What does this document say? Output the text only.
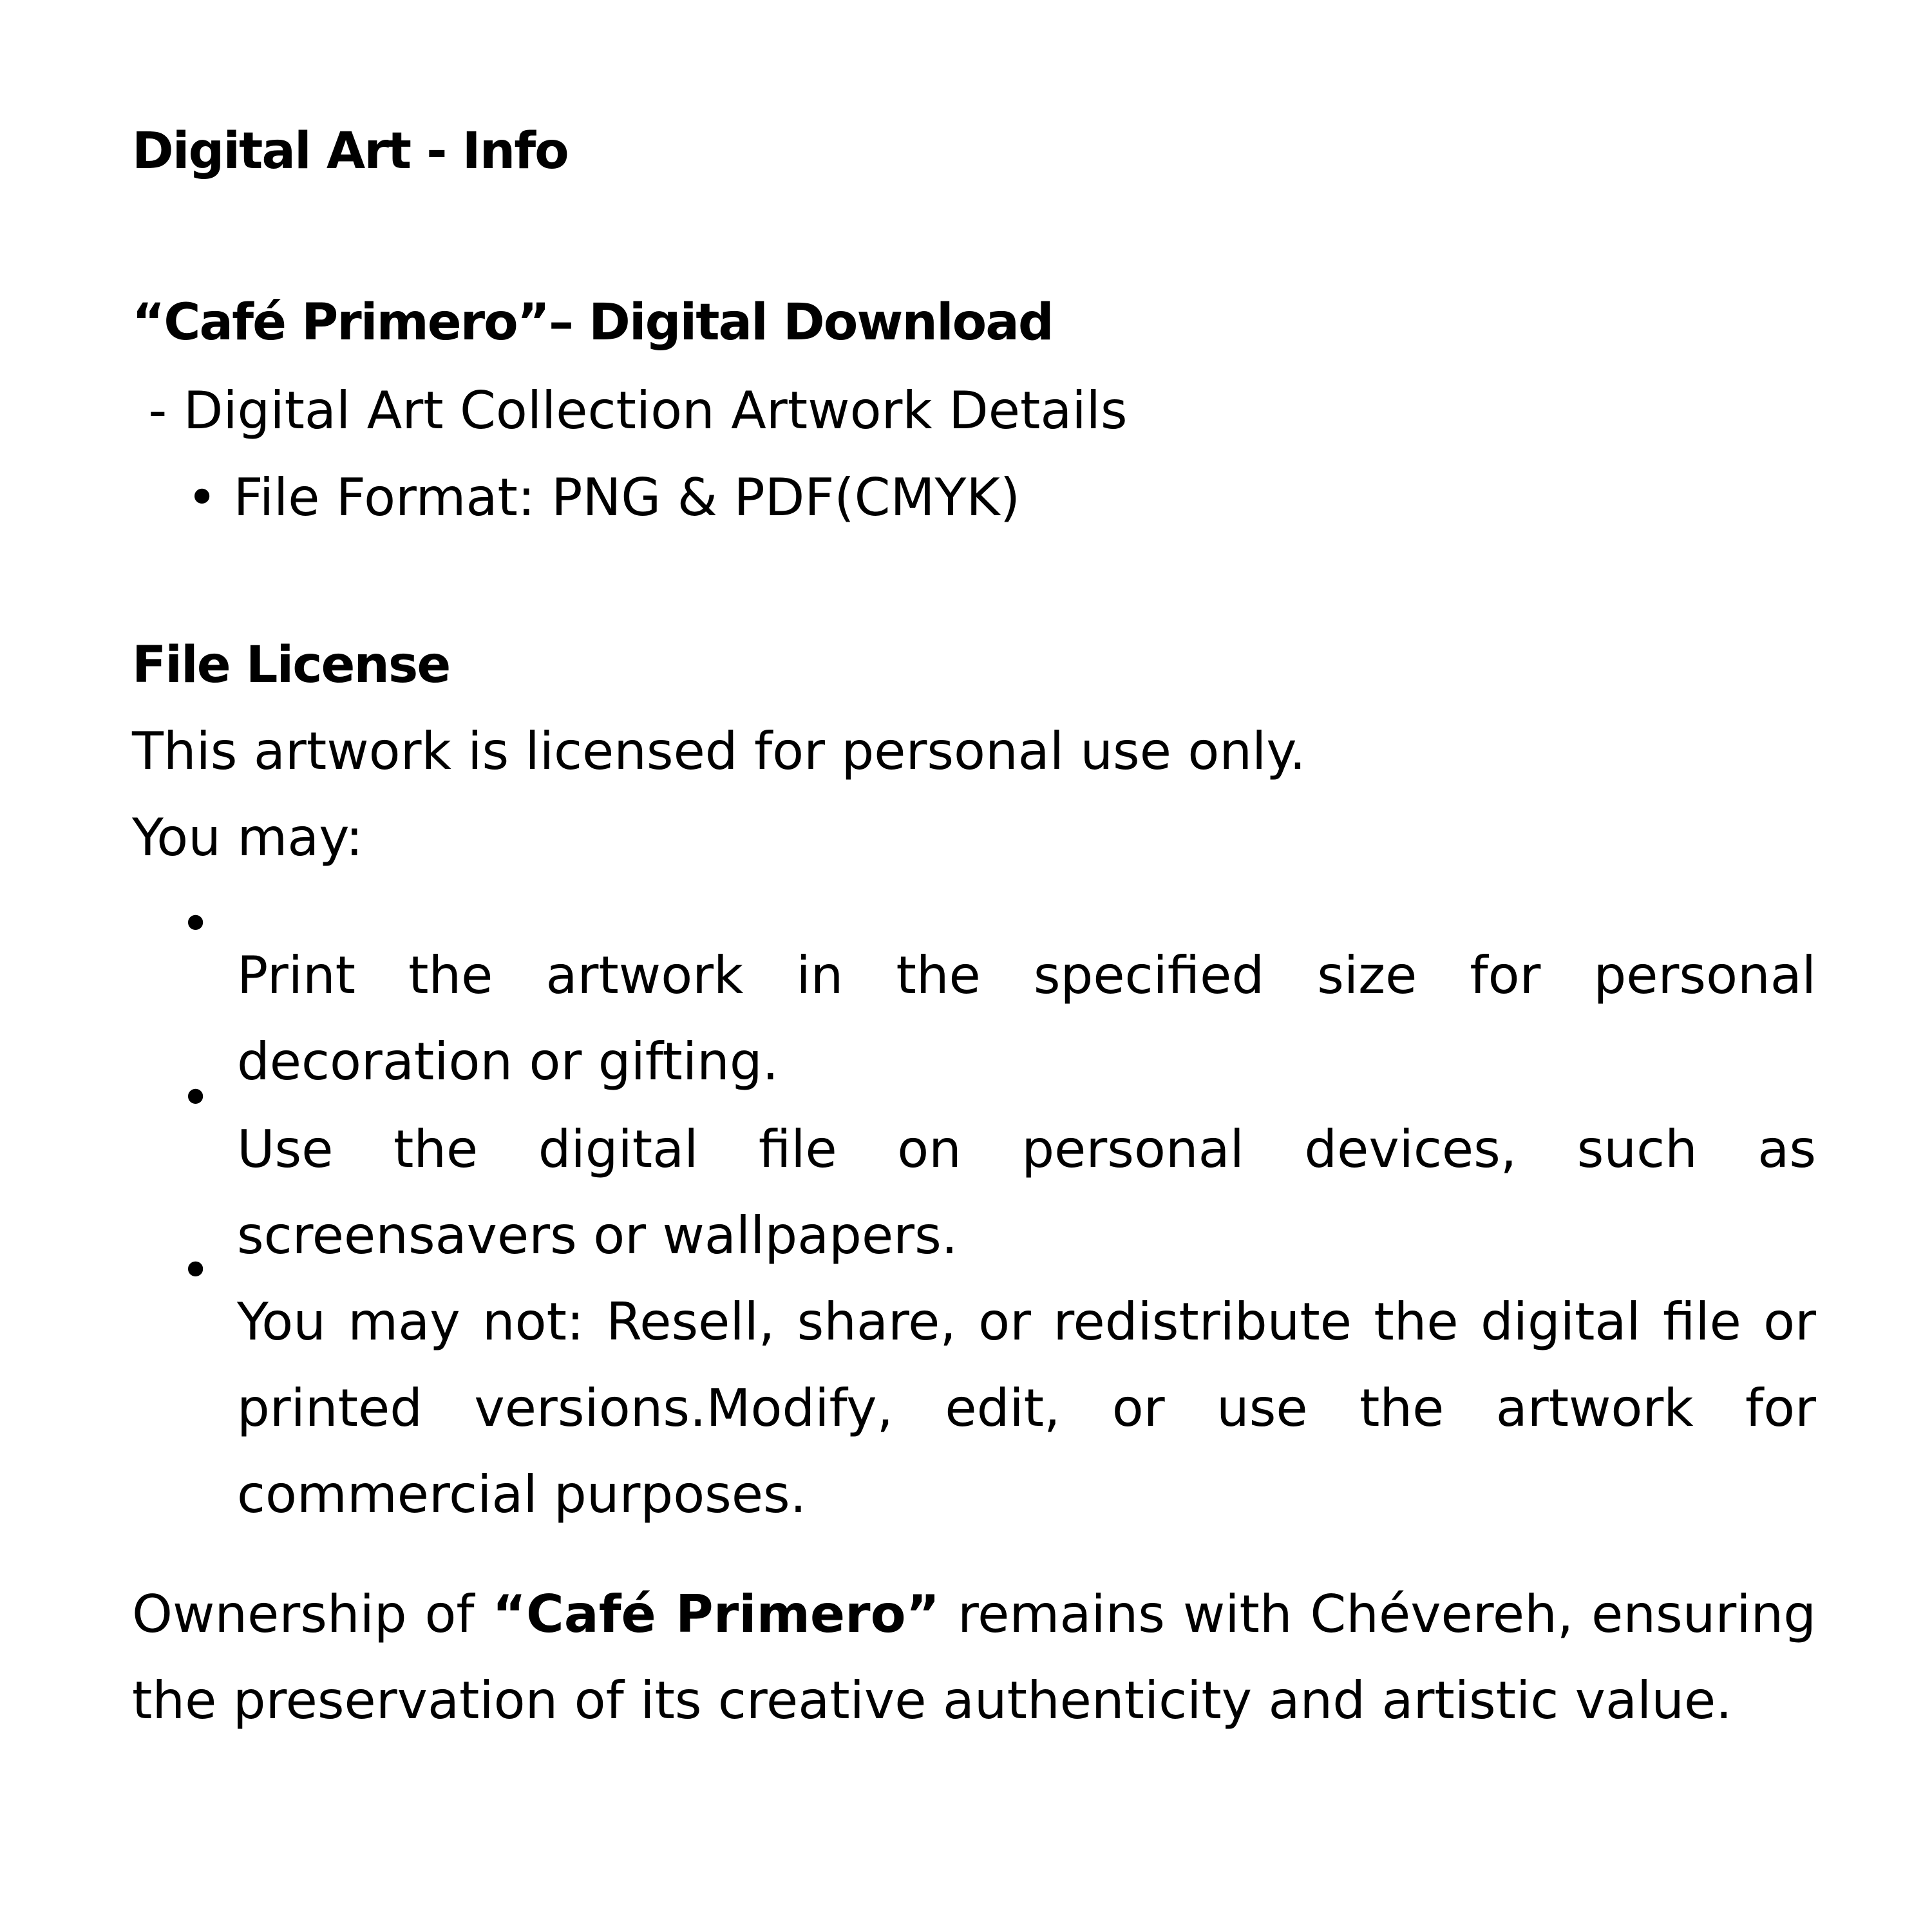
Digital Art - Info
“Café Primero”– Digital Download
- Digital Art Collection Artwork Details
• File Format: PNG & PDF(CMYK)
File License
This artwork is licensed for personal use only.
You may:
•

Print the artwork in the specified size for personal decoration or gifting.

•

Use the digital file on personal devices, such as screensavers or wallpapers.

•

You may not: Resell, share, or redistribute the digital file or printed versions.Modify, edit, or use the artwork for commercial purposes.

Ownership of “Café Primero” remains with Chévereh, ensuring the preservation of its creative authenticity and artistic value.
